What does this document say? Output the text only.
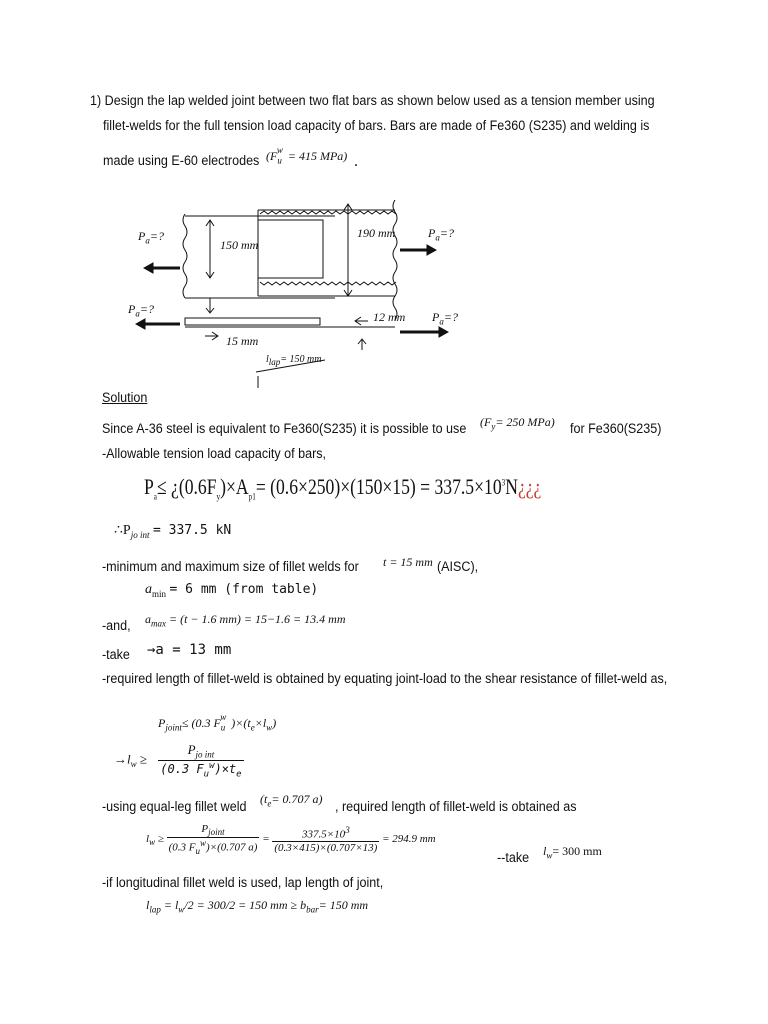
1) Design the lap welded joint between two flat bars as shown below used as a tension member using
fillet-welds for the full tension load capacity of bars. Bars are made of Fe360 (S235) and welding is
made using E-60 electrodes ($F_u^w = 415$ MPa) .
$P_a=$?	$P_a=$?
$P_a=$?
$P_a=$?
150 mm
190 mm
12 mm
15 mm
$l_{lap}= 150$ mm
Solution
Since A-36 steel is equivalent to Fe360(S235) it is possible to use ($F_y= 250$ MPa) for Fe360(S235)
-Allowable tension load capacity of bars,
$P_a\le$ ¿$(0.6F_y)\times A_{p1}= (0.6\times 250)\times(150\times 15)$ = $337.5\times 10^3N¿¿¿$
$\therefore P_{jo int} = 337.5$ kN
-minimum and maximum size of fillet welds for t = 15 mm (AISC),
$a_{min} = 6$ mm (from table)
-and, $a_{max} = (t - 1.6$ mm) = 15−1.6 = 13.4 mm
-take →a = 13 mm
-required length of fillet-weld is obtained by equating joint-load to the shear resistance of fillet-weld as,
$P_{joint}\le (0.3$ $F_u^w$ )$\times(t_e\times l_w)$
$\to l_w \ge \frac{P_{jo int}}{(0.3 F_u^w)\times t_e}$
-using equal-leg fillet weld ($t_e= 0.707$ a) , required length of fillet-weld is obtained as
$l_w \ge \frac{P_{joint}}{(0.3 F_u^w)\times(0.707 a)} = \frac{337.5\times 10^3}{(0.3\times 415)\times(0.707\times 13)} = 294.9$ mm
--take $l_w= 300$ mm
-if longitudinal fillet weld is used, lap length of joint,
$l_{lap} = l_w/2 = 300/2 = 150$ mm ≥ $b_{bar}= 150$ mm
